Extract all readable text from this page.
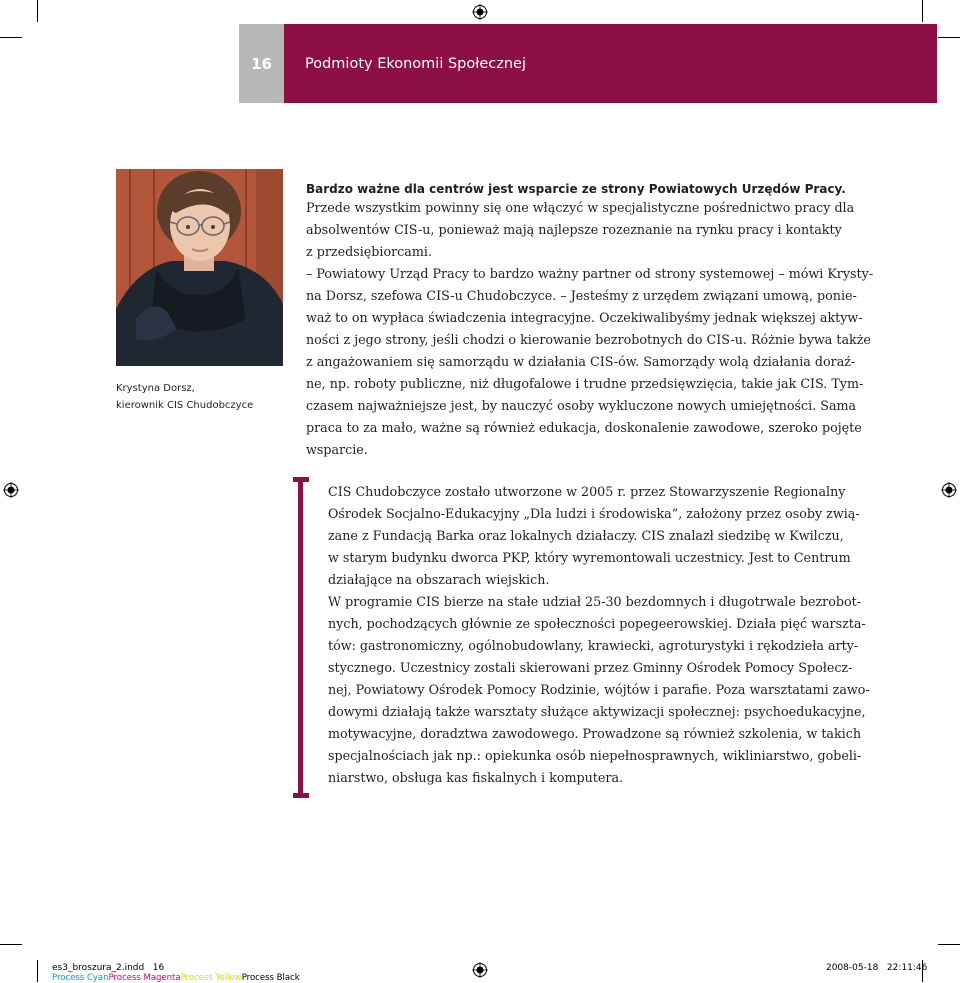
16 Podmioty Ekonomii Społecznej
Krystyna Dorsz,
kierownik CIS Chudobczyce
Bardzo ważne dla centrów jest wsparcie ze strony Powiatowych Urzędów Pracy.
Przede wszystkim powinny się one włączyć w specjalistyczne pośrednictwo pracy dla
absolwentów CIS-u, ponieważ mają najlepsze rozeznanie na rynku pracy i kontakty
z przedsiębiorcami.
– Powiatowy Urząd Pracy to bardzo ważny partner od strony systemowej – mówi Krysty-
na Dorsz, szefowa CIS-u Chudobczyce. – Jesteśmy z urzędem związani umową, ponie-
waż to on wypłaca świadczenia integracyjne. Oczekiwalibyśmy jednak większej aktyw-
ności z jego strony, jeśli chodzi o kierowanie bezrobotnych do CIS-u. Różnie bywa także
z angażowaniem się samorządu w działania CIS-ów. Samorządy wolą działania doraź-
ne, np. roboty publiczne, niż długofalowe i trudne przedsięwzięcia, takie jak CIS. Tym-
czasem najważniejsze jest, by nauczyć osoby wykluczone nowych umiejętności. Sama
praca to za mało, ważne są również edukacja, doskonalenie zawodowe, szeroko pojęte
wsparcie.
CIS Chudobczyce zostało utworzone w 2005 r. przez Stowarzyszenie Regionalny
Ośrodek Socjalno-Edukacyjny „Dla ludzi i środowiska”, założony przez osoby zwią-
zane z Fundacją Barka oraz lokalnych działaczy. CIS znalazł siedzibę w Kwilczu,
w starym budynku dworca PKP, który wyremontowali uczestnicy. Jest to Centrum
działające na obszarach wiejskich.
W programie CIS bierze na stałe udział 25-30 bezdomnych i długotrwale bezrobot-
nych, pochodzących głównie ze społeczności popegeerowskiej. Działa pięć warszta-
tów: gastronomiczny, ogólnobudowlany, krawiecki, agroturystyki i rękodzieła arty-
stycznego. Uczestnicy zostali skierowani przez Gminny Ośrodek Pomocy Społecz-
nej, Powiatowy Ośrodek Pomocy Rodzinie, wójtów i parafie. Poza warsztatami zawo-
dowymi działają także warsztaty służące aktywizacji społecznej: psychoedukacyjne,
motywacyjne, doradztwa zawodowego. Prowadzone są również szkolenia, w takich
specjalnościach jak np.: opiekunka osób niepełnosprawnych, wikliniarstwo, gobeli-
niarstwo, obsługa kas fiskalnych i komputera.
es3_broszura_2.indd   16	2008-05-18   22:11:46
Process CyanProcess MagentaProcess YellowProcess Black
